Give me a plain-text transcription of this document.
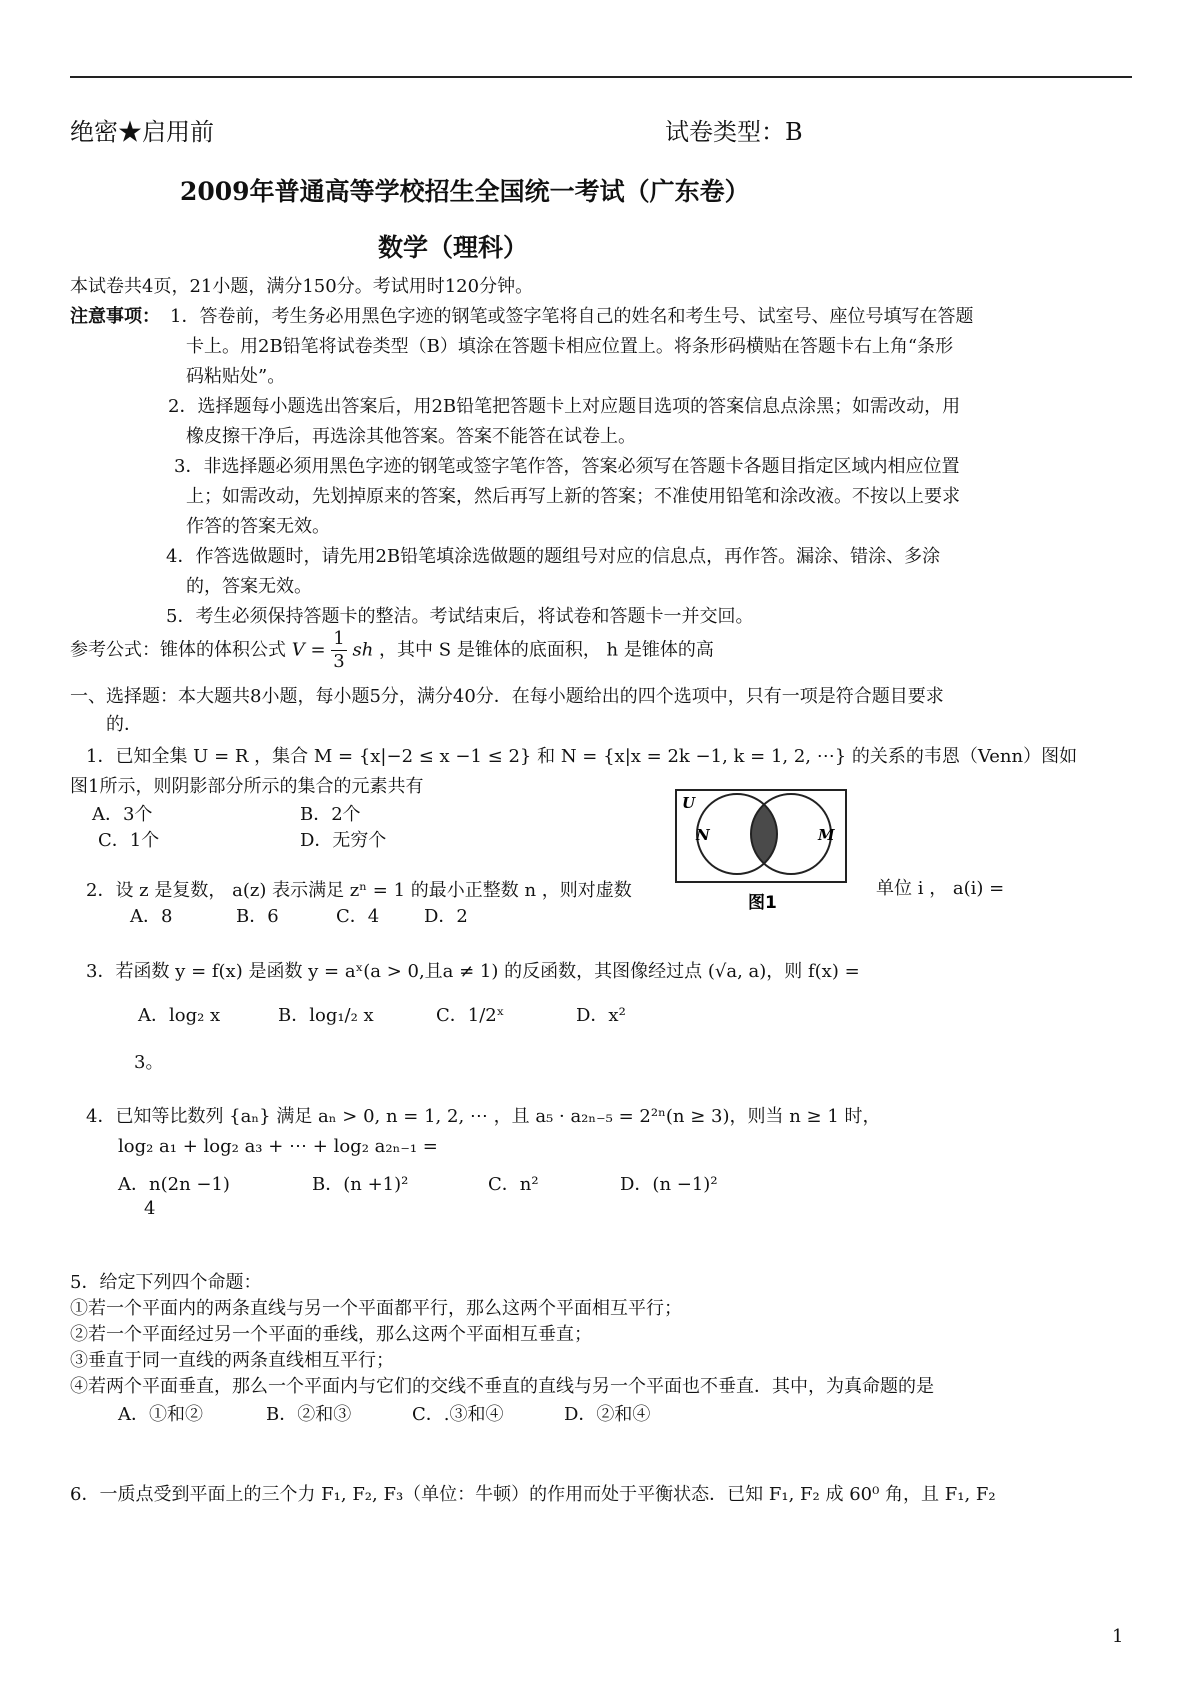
绝密★启用前	试卷类型：B
2009年普通高等学校招生全国统一考试（广东卷）
数学（理科）
本试卷共4页，21小题，满分150分。考试用时120分钟。
注意事项： 1．答卷前，考生务必用黑色字迹的钢笔或签字笔将自己的姓名和考生号、试室号、座位号填写在答题
卡上。用2B铅笔将试卷类型（B）填涂在答题卡相应位置上。将条形码横贴在答题卡右上角“条形
码粘贴处”。
2．选择题每小题选出答案后，用2B铅笔把答题卡上对应题目选项的答案信息点涂黑；如需改动，用
橡皮擦干净后，再选涂其他答案。答案不能答在试卷上。
3．非选择题必须用黑色字迹的钢笔或签字笔作答，答案必须写在答题卡各题目指定区域内相应位置
上；如需改动，先划掉原来的答案，然后再写上新的答案；不准使用铅笔和涂改液。不按以上要求
作答的答案无效。
4．作答选做题时，请先用2B铅笔填涂选做题的题组号对应的信息点，再作答。漏涂、错涂、多涂
的，答案无效。
5．考生必须保持答题卡的整洁。考试结束后，将试卷和答题卡一并交回。
参考公式：锥体的体积公式 $V = \frac{1}{3}$ sh ，其中 S 是锥体的底面积， h 是锥体的高
一、选择题：本大题共8小题，每小题5分，满分40分．在每小题给出的四个选项中，只有一项是符合题目要求
的．
1．已知全集 U = R ，集合 M = {x|−2 ≤ x −1 ≤ 2} 和 N = {x|x = 2k −1, k = 1, 2, ⋯} 的关系的韦恩（Venn）图如
图1所示，则阴影部分所示的集合的元素共有
A．3个	B．2个
C．1个	D．无穷个
U
N	M
图1
2．设 z 是复数， a(z) 表示满足 zⁿ = 1 的最小正整数 n ，则对虚数	单位 i ， a(i) =
A．8	B．6	C．4 D．2
3．若函数 y = f(x) 是函数 y = aˣ(a > 0,且a ≠ 1) 的反函数，其图像经过点 (√a, a)，则 f(x) =
A．log₂ x	B．log₁/₂ x	C．1/2ˣ	D．x²
3。
4．已知等比数列 {aₙ} 满足 aₙ > 0, n = 1, 2, ⋯ ，且 a₅ · a₂ₙ₋₅ = 2²ⁿ(n ≥ 3)，则当 n ≥ 1 时，
log₂ a₁ + log₂ a₃ + ⋯ + log₂ a₂ₙ₋₁ =
A．n(2n −1)	B．(n +1)²	C．n²	D．(n −1)²
4
5．给定下列四个命题：
①若一个平面内的两条直线与另一个平面都平行，那么这两个平面相互平行；
②若一个平面经过另一个平面的垂线，那么这两个平面相互垂直；
③垂直于同一直线的两条直线相互平行；
④若两个平面垂直，那么一个平面内与它们的交线不垂直的直线与另一个平面也不垂直．其中，为真命题的是
A．①和②	B．②和③	C．.③和④	D．②和④
6．一质点受到平面上的三个力 F₁, F₂, F₃（单位：牛顿）的作用而处于平衡状态．已知 F₁, F₂ 成 60⁰ 角，且 F₁, F₂
1
